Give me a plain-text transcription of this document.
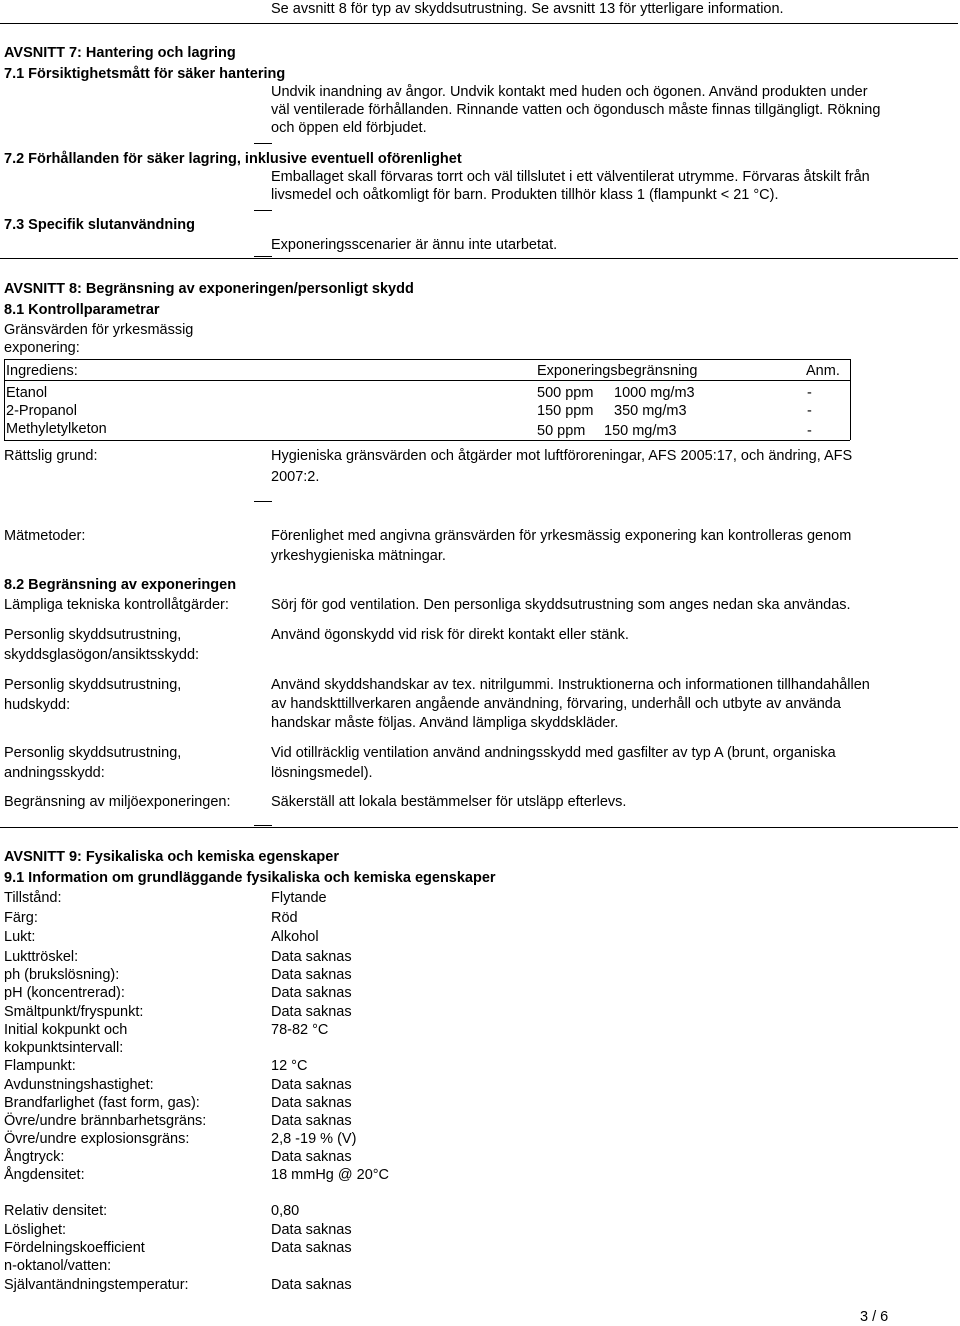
Se avsnitt 8 för typ av skyddsutrustning. Se avsnitt 13 för ytterligare information.
AVSNITT 7: Hantering och lagring
7.1 Försiktighetsmått för säker hantering
Undvik inandning av ångor. Undvik kontakt med huden och ögonen. Använd produkten under
väl ventilerade förhållanden. Rinnande vatten och ögondusch måste finnas tillgängligt. Rökning
och öppen eld förbjudet.
7.2 Förhållanden för säker lagring, inklusive eventuell oförenlighet
Emballaget skall förvaras torrt och väl tillslutet i ett välventilerat utrymme. Förvaras åtskilt från
livsmedel och oåtkomligt för barn. Produkten tillhör klass 1 (flampunkt < 21 °C).
7.3 Specifik slutanvändning
Exponeringsscenarier är ännu inte utarbetat.
AVSNITT 8: Begränsning av exponeringen/personligt skydd
8.1 Kontrollparametrar
Gränsvärden för yrkesmässig
exponering:
Ingrediens:	Exponeringsbegränsning	Anm.
Etanol	500 ppm 1000 mg/m3	-
2-Propanol	150 ppm 350 mg/m3	-
Methyletylketon	50 ppm 150 mg/m3	-
Rättslig grund:	Hygieniska gränsvärden och åtgärder mot luftföroreningar, AFS 2005:17, och ändring, AFS
2007:2.
Mätmetoder:	Förenlighet med angivna gränsvärden för yrkesmässig exponering kan kontrolleras genom
yrkeshygieniska mätningar.
8.2 Begränsning av exponeringen
Lämpliga tekniska kontrollåtgärder:	Sörj för god ventilation. Den personliga skyddsutrustning som anges nedan ska användas.
Personlig skyddsutrustning,
skyddsglasögon/ansiktsskydd:
Använd ögonskydd vid risk för direkt kontakt eller stänk.
Personlig skyddsutrustning,
hudskydd:
Använd skyddshandskar av tex. nitrilgummi. Instruktionerna och informationen tillhandahållen
av handskttillverkaren angående användning, förvaring, underhåll och utbyte av använda
handskar måste följas. Använd lämpliga skyddskläder.
Personlig skyddsutrustning,
andningsskydd:
Vid otillräcklig ventilation använd andningsskydd med gasfilter av typ A (brunt, organiska
lösningsmedel).
Begränsning av miljöexponeringen:	Säkerställ att lokala bestämmelser för utsläpp efterlevs.
AVSNITT 9: Fysikaliska och kemiska egenskaper
9.1 Information om grundläggande fysikaliska och kemiska egenskaper
Tillstånd:	Flytande
Färg:	Röd
Lukt:	Alkohol
Lukttröskel:	Data saknas
ph (brukslösning):	Data saknas
pH (koncentrerad):	Data saknas
Smältpunkt/fryspunkt:	Data saknas
Initial kokpunkt och
kokpunktsintervall:
78-82 °C
Flampunkt:	12 °C
Avdunstningshastighet:	Data saknas
Brandfarlighet (fast form, gas):	Data saknas
Övre/undre brännbarhetsgräns:	Data saknas
Övre/undre explosionsgräns:	2,8 -19 % (V)
Ångtryck:	Data saknas
Ångdensitet:	18 mmHg @ 20°C
Relativ densitet:	0,80
Löslighet:	Data saknas
Fördelningskoefficient
n-oktanol/vatten:
Data saknas
Självantändningstemperatur:	Data saknas
3 / 6
